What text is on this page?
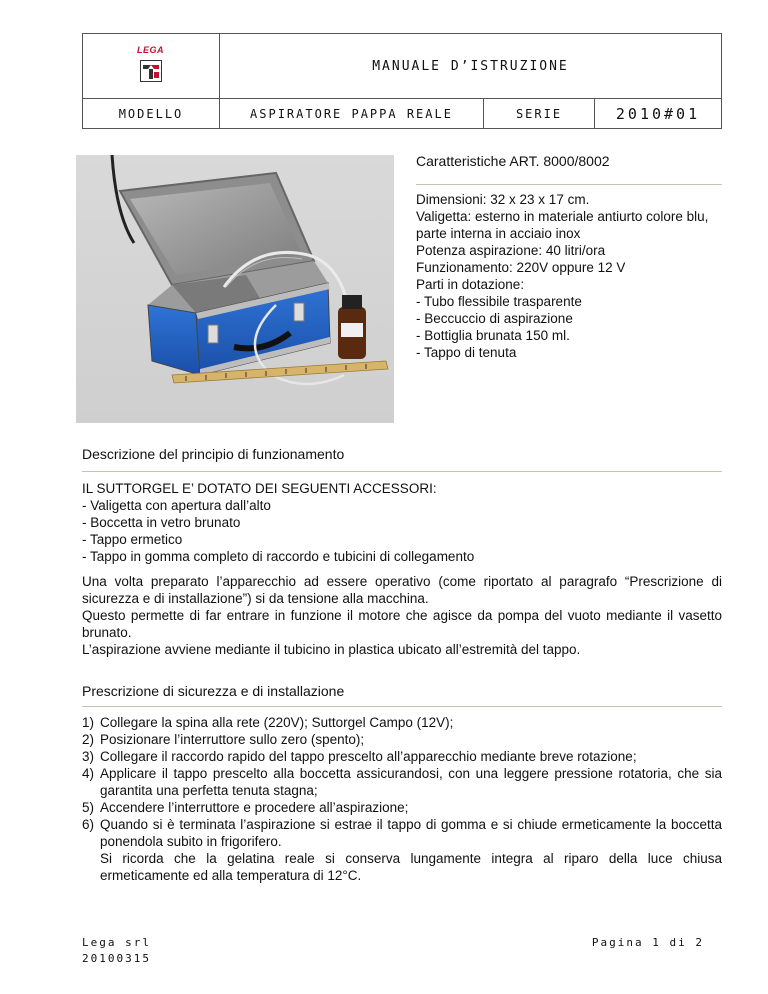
LEGA
MANUALE D’ISTRUZIONE
MODELLO	ASPIRATORE PAPPA REALE	SERIE	2010#01
Caratteristiche ART. 8000/8002
Dimensioni: 32 x 23 x 17 cm.
Valigetta: esterno in materiale antiurto colore blu,
parte interna in acciaio inox
Potenza aspirazione: 40 litri/ora
Funzionamento: 220V oppure 12 V
Parti in dotazione:
- Tubo flessibile trasparente
- Beccuccio di aspirazione
- Bottiglia brunata 150 ml.
- Tappo di tenuta
Descrizione del principio di funzionamento
IL SUTTORGEL E’ DOTATO DEI SEGUENTI ACCESSORI:
- Valigetta con apertura dall’alto
- Boccetta in vetro brunato
- Tappo ermetico
- Tappo in gomma completo di raccordo e tubicini di collegamento
Una volta preparato l’apparecchio ad essere operativo (come riportato al paragrafo “Prescrizione di sicurezza e di installazione”) si da tensione alla macchina.
Questo permette di far entrare in funzione il motore che agisce da pompa del vuoto mediante il vasetto brunato.
L’aspirazione avviene mediante il tubicino in plastica ubicato all’estremità del tappo.
Prescrizione di sicurezza e di installazione
1) Collegare la spina alla rete (220V); Suttorgel Campo (12V);
2) Posizionare l’interruttore sullo zero (spento);
3) Collegare il raccordo rapido del tappo prescelto all’apparecchio mediante breve rotazione;
4) Applicare il tappo prescelto alla boccetta assicurandosi, con una leggere pressione rotatoria, che sia garantita una perfetta tenuta stagna;
5) Accendere l’interruttore e procedere all’aspirazione;
6) Quando si è terminata l’aspirazione si estrae il tappo di gomma e si chiude ermeticamente la boccetta ponendola subito in frigorifero.
Si ricorda che la gelatina reale si conserva lungamente integra al riparo della luce chiusa ermeticamente ed alla temperatura di 12°C.
Lega srl
20100315
Pagina 1 di 2
